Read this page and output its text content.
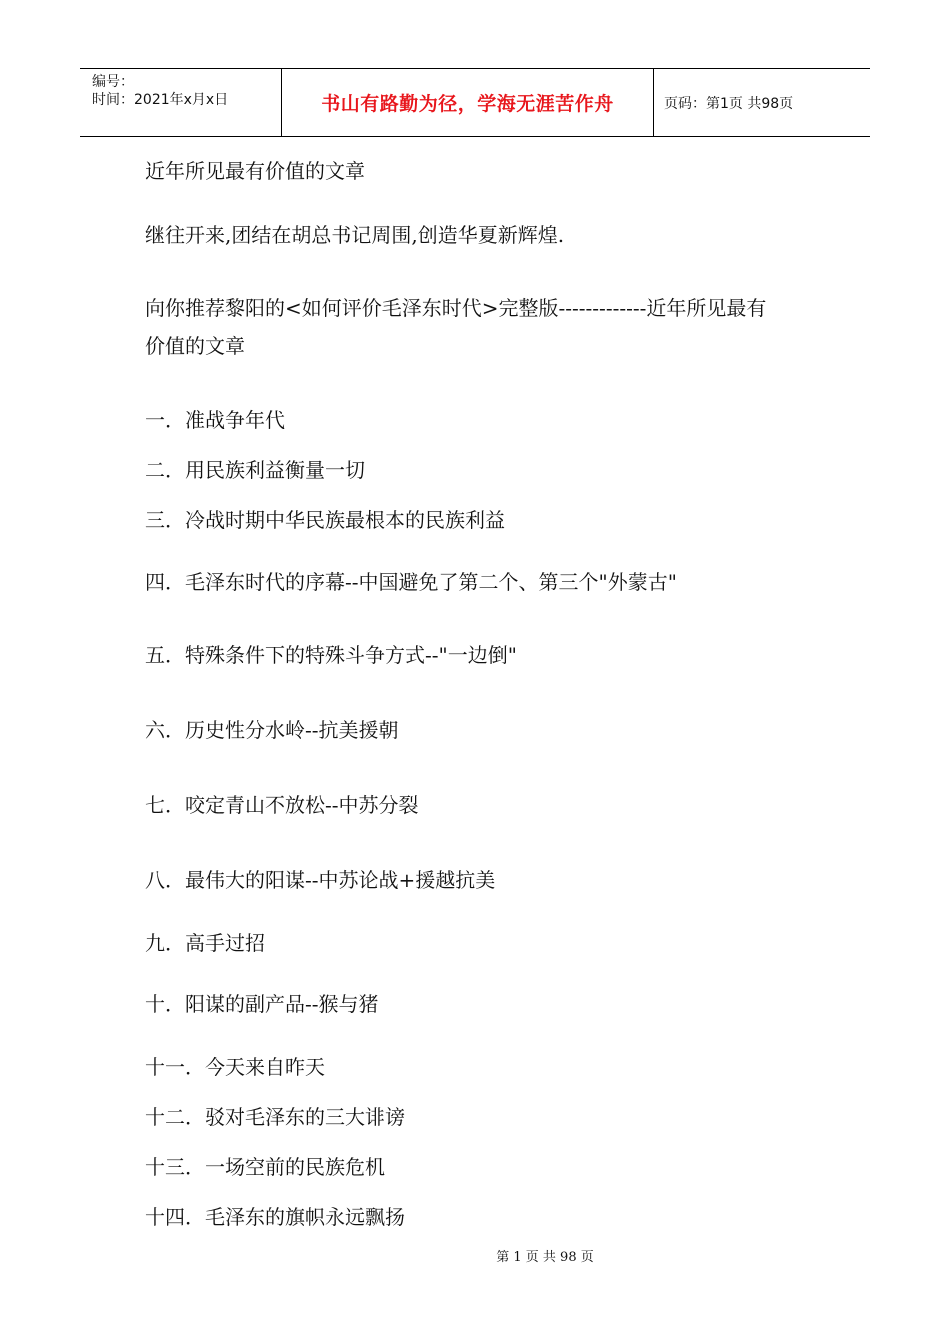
编号：
时间：2021年x月x日	书山有路勤为径，学海无涯苦作舟	页码：第1页 共98页
近年所见最有价值的文章
继往开来,团结在胡总书记周围,创造华夏新辉煌.
向你推荐黎阳的<如何评价毛泽东时代>完整版-------------近年所见最有
价值的文章
一．准战争年代
二．用民族利益衡量一切
三．冷战时期中华民族最根本的民族利益
四．毛泽东时代的序幕--中国避免了第二个、第三个"外蒙古"
五．特殊条件下的特殊斗争方式--"一边倒"
六．历史性分水岭--抗美援朝
七．咬定青山不放松--中苏分裂
八．最伟大的阳谋--中苏论战+援越抗美
九．高手过招
十．阳谋的副产品--猴与猪
十一．今天来自昨天
十二．驳对毛泽东的三大诽谤
十三．一场空前的民族危机
十四．毛泽东的旗帜永远飘扬
第 1 页 共 98 页
